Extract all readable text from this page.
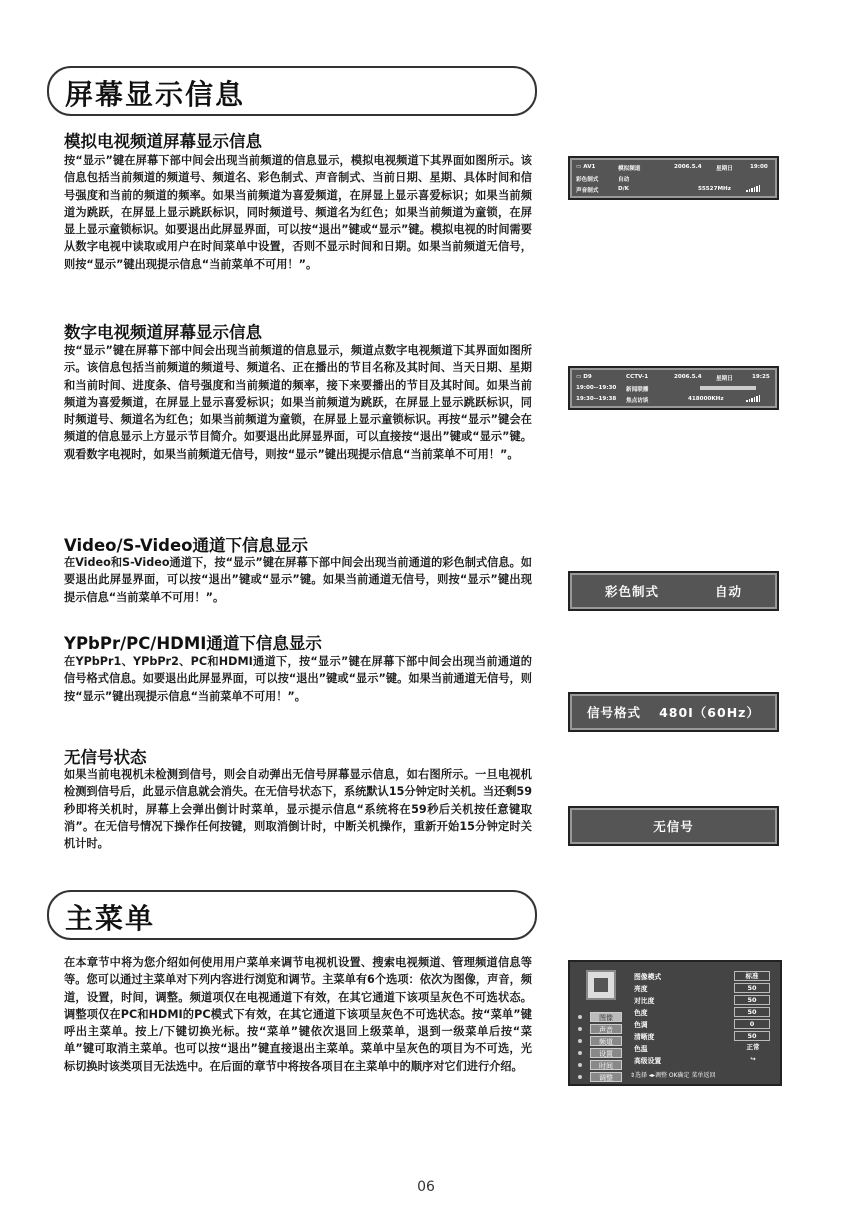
屏幕显示信息
模拟电视频道屏幕显示信息

按“显示”键在屏幕下部中间会出现当前频道的信息显示，模拟电视频道下其界面如图所示。该信息包括当前频道的频道号、频道名、彩色制式、声音制式、当前日期、星期、具体时间和信号强度和当前的频道的频率。如果当前频道为喜爱频道，在屏显上显示喜爱标识；如果当前频道为跳跃，在屏显上显示跳跃标识，同时频道号、频道名为红色；如果当前频道为童锁，在屏显上显示童锁标识。如要退出此屏显界面，可以按“退出”键或“显示”键。模拟电视的时间需要从数字电视中读取或用户在时间菜单中设置，否则不显示时间和日期。如果当前频道无信号，则按“显示”键出现提示信息“当前菜单不可用！”。

数字电视频道屏幕显示信息

按“显示”键在屏幕下部中间会出现当前频道的信息显示，频道点数字电视频道下其界面如图所示。该信息包括当前频道的频道号、频道名、正在播出的节目名称及其时间、当天日期、星期和当前时间、进度条、信号强度和当前频道的频率，接下来要播出的节目及其时间。如果当前频道为喜爱频道，在屏显上显示喜爱标识；如果当前频道为跳跃，在屏显上显示跳跃标识，同时频道号、频道名为红色；如果当前频道为童锁，在屏显上显示童锁标识。再按“显示”键会在频道的信息显示上方显示节目简介。如要退出此屏显界面，可以直接按“退出”键或“显示”键。观看数字电视时，如果当前频道无信号，则按“显示”键出现提示信息“当前菜单不可用！”。

Video/S-Video通道下信息显示

在Video和S-Video通道下，按“显示”键在屏幕下部中间会出现当前通道的彩色制式信息。如要退出此屏显界面，可以按“退出”键或“显示”键。如果当前通道无信号，则按“显示”键出现提示信息“当前菜单不可用！”。

YPbPr/PC/HDMI通道下信息显示

在YPbPr1、YPbPr2、PC和HDMI通道下，按“显示”键在屏幕下部中间会出现当前通道的信号格式信息。如要退出此屏显界面，可以按“退出”键或“显示”键。如果当前通道无信号，则按“显示”键出现提示信息“当前菜单不可用！”。

无信号状态

如果当前电视机未检测到信号，则会自动弹出无信号屏幕显示信息，如右图所示。一旦电视机检测到信号后，此显示信息就会消失。在无信号状态下，系统默认15分钟定时关机。当还剩59秒即将关机时，屏幕上会弹出倒计时菜单，显示提示信息“系统将在59秒后关机按任意键取消”。在无信号情况下操作任何按键，则取消倒计时，中断关机操作，重新开始15分钟定时关机计时。

▭ AV1	模拟频道	2006.5.4	星期日	19:00
彩色制式	自动
声音制式	D/K	55527MHz
▭ D9	CCTV-1	2006.5.4	星期日	19:25
19:00--19:30 新闻联播
19:30--19:38 焦点访谈	418000KHz
彩色制式	自动
信号格式 480I（60Hz）
无信号
主菜单

在本章节中将为您介绍如何使用用户菜单来调节电视机设置、搜索电视频道、管理频道信息等等。您可以通过主菜单对下列内容进行浏览和调节。主菜单有6个选项：依次为图像，声音，频道，设置，时间，调整。频道项仅在电视通道下有效，在其它通道下该项呈灰色不可选状态。调整项仅在PC和HDMI的PC模式下有效，在其它通道下该项呈灰色不可选状态。按“菜单”键呼出主菜单。按上/下键切换光标。按“菜单”键依次退回上级菜单，退到一级菜单后按“菜单”键可取消主菜单。也可以按“退出”键直接退出主菜单。菜单中呈灰色的项目为不可选，光标切换时该类项目无法选中。在后面的章节中将按各项目在主菜单中的顺序对它们进行介绍。

图像
声音
频道
设置
时间
调整
图像模式	标准
亮度	50
对比度	50
色度	50
色调	0
清晰度	50
色温	正常
高级设置	↪
⇕选择 ◂▸调整 OK确定 菜单返回
06
